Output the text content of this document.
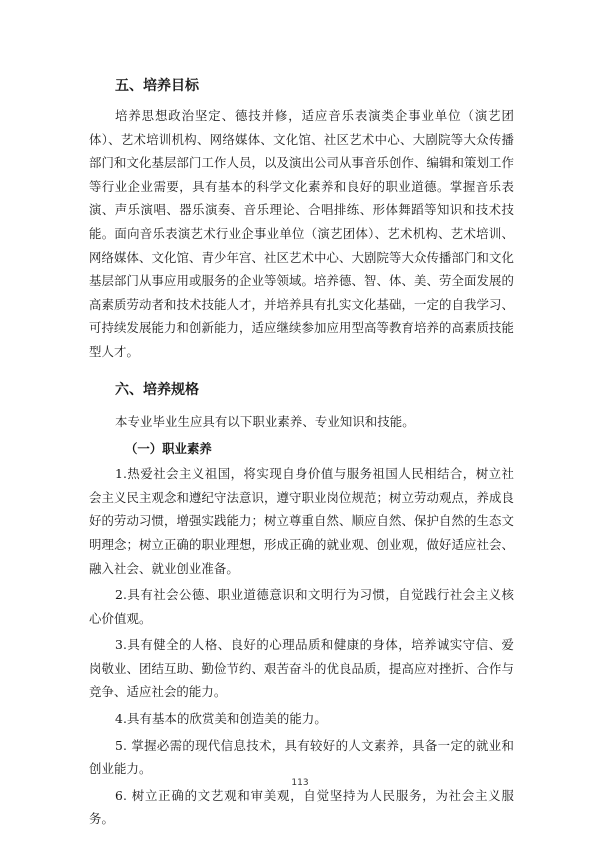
五、培养目标

培养思想政治坚定、德技并修，适应音乐表演类企事业单位（演艺团体）、艺术培训机构、网络媒体、文化馆、社区艺术中心、大剧院等大众传播部门和文化基层部门工作人员，以及演出公司从事音乐创作、编辑和策划工作等行业企业需要，具有基本的科学文化素养和良好的职业道德。掌握音乐表演、声乐演唱、器乐演奏、音乐理论、合唱排练、形体舞蹈等知识和技术技能。面向音乐表演艺术行业企事业单位（演艺团体）、艺术机构、艺术培训、网络媒体、文化馆、青少年宫、社区艺术中心、大剧院等大众传播部门和文化基层部门从事应用或服务的企业等领域。培养德、智、体、美、劳全面发展的高素质劳动者和技术技能人才，并培养具有扎实文化基础，一定的自我学习、可持续发展能力和创新能力，适应继续参加应用型高等教育培养的高素质技能型人才。

六、培养规格

本专业毕业生应具有以下职业素养、专业知识和技能。

（一）职业素养

1.热爱社会主义祖国，将实现自身价值与服务祖国人民相结合，树立社会主义民主观念和遵纪守法意识，遵守职业岗位规范；树立劳动观点，养成良好的劳动习惯，增强实践能力；树立尊重自然、顺应自然、保护自然的生态文明理念；树立正确的职业理想，形成正确的就业观、创业观，做好适应社会、融入社会、就业创业准备。

2.具有社会公德、职业道德意识和文明行为习惯，自觉践行社会主义核心价值观。

3.具有健全的人格、良好的心理品质和健康的身体，培养诚实守信、爱岗敬业、团结互助、勤俭节约、艰苦奋斗的优良品质，提高应对挫折、合作与竞争、适应社会的能力。

4.具有基本的欣赏美和创造美的能力。

5. 掌握必需的现代信息技术，具有较好的人文素养，具备一定的就业和创业能力。

6. 树立正确的文艺观和审美观，自觉坚持为人民服务，为社会主义服务。

113
